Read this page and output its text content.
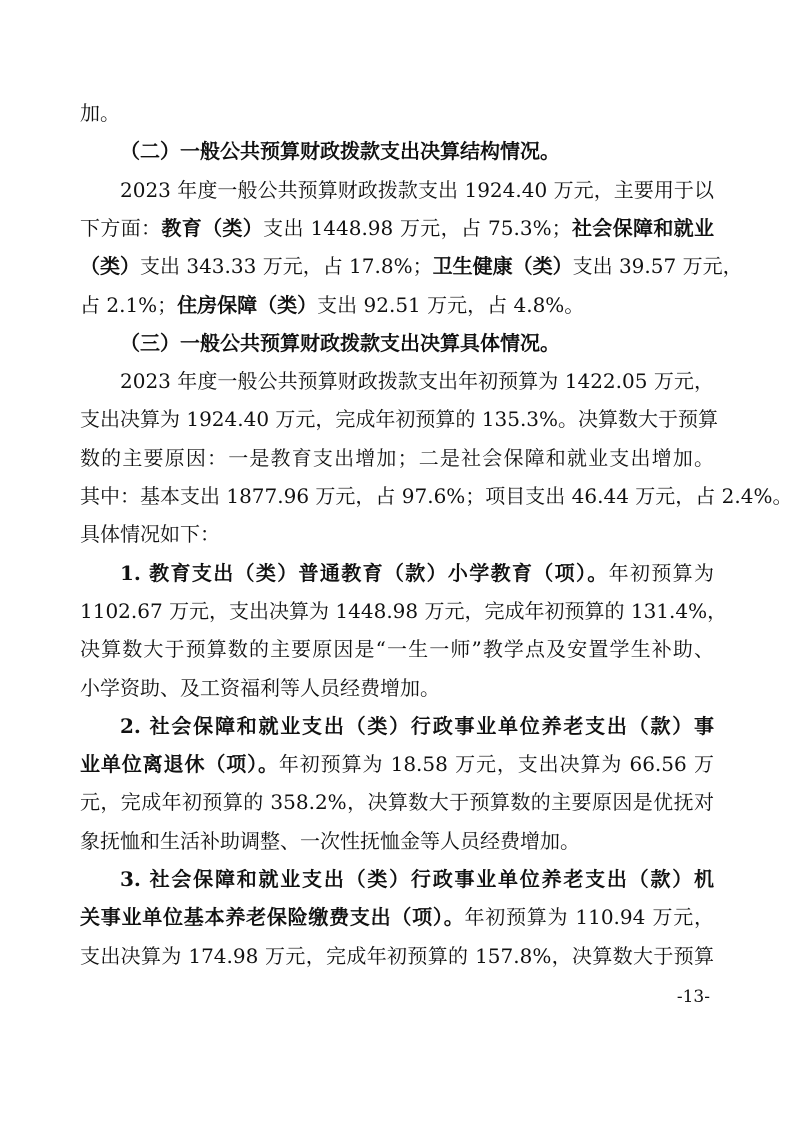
加。
（二）一般公共预算财政拨款支出决算结构情况。
2023 年度一般公共预算财政拨款支出 1924.40 万元，主要用于以
下方面：教育（类）支出 1448.98 万元，占 75.3%；社会保障和就业
（类）支出 343.33 万元，占 17.8%；卫生健康（类）支出 39.57 万元，
占 2.1%；住房保障（类）支出 92.51 万元，占 4.8%。
（三）一般公共预算财政拨款支出决算具体情况。
2023 年度一般公共预算财政拨款支出年初预算为 1422.05 万元，
支出决算为 1924.40 万元，完成年初预算的 135.3%。决算数大于预算
数的主要原因：一是教育支出增加；二是社会保障和就业支出增加。
其中：基本支出 1877.96 万元，占 97.6%；项目支出 46.44 万元，占 2.4%。
具体情况如下：
1. 教育支出（类）普通教育（款）小学教育（项）。年初预算为
1102.67 万元，支出决算为 1448.98 万元，完成年初预算的 131.4%，
决算数大于预算数的主要原因是“一生一师”教学点及安置学生补助、
小学资助、及工资福利等人员经费增加。
2. 社会保障和就业支出（类）行政事业单位养老支出（款）事
业单位离退休（项）。年初预算为 18.58 万元，支出决算为 66.56 万
元，完成年初预算的 358.2%，决算数大于预算数的主要原因是优抚对
象抚恤和生活补助调整、一次性抚恤金等人员经费增加。
3. 社会保障和就业支出（类）行政事业单位养老支出（款）机
关事业单位基本养老保险缴费支出（项）。年初预算为 110.94 万元，
支出决算为 174.98 万元，完成年初预算的 157.8%，决算数大于预算
-13-
